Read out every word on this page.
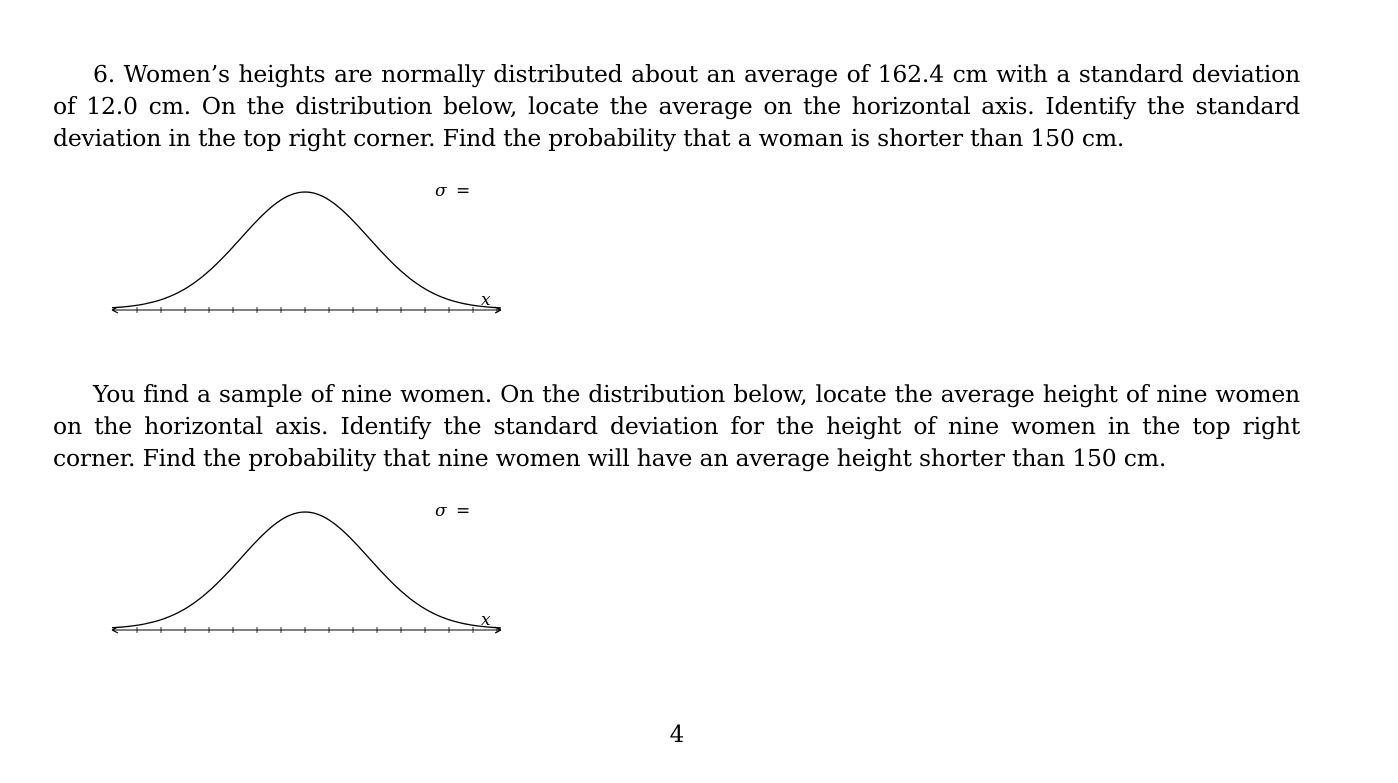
6. Women’s heights are normally distributed about an average of 162.4 cm with a standard deviation of 12.0 cm. On the distribution below, locate the average on the horizontal axis. Identify the standard deviation in the top right corner. Find the probability that a woman is shorter than 150 cm.

σ =
x

You find a sample of nine women. On the distribution below, locate the average height of nine women on the horizontal axis. Identify the standard deviation for the height of nine women in the top right corner. Find the probability that nine women will have an average height shorter than 150 cm.

σ =
x

4
